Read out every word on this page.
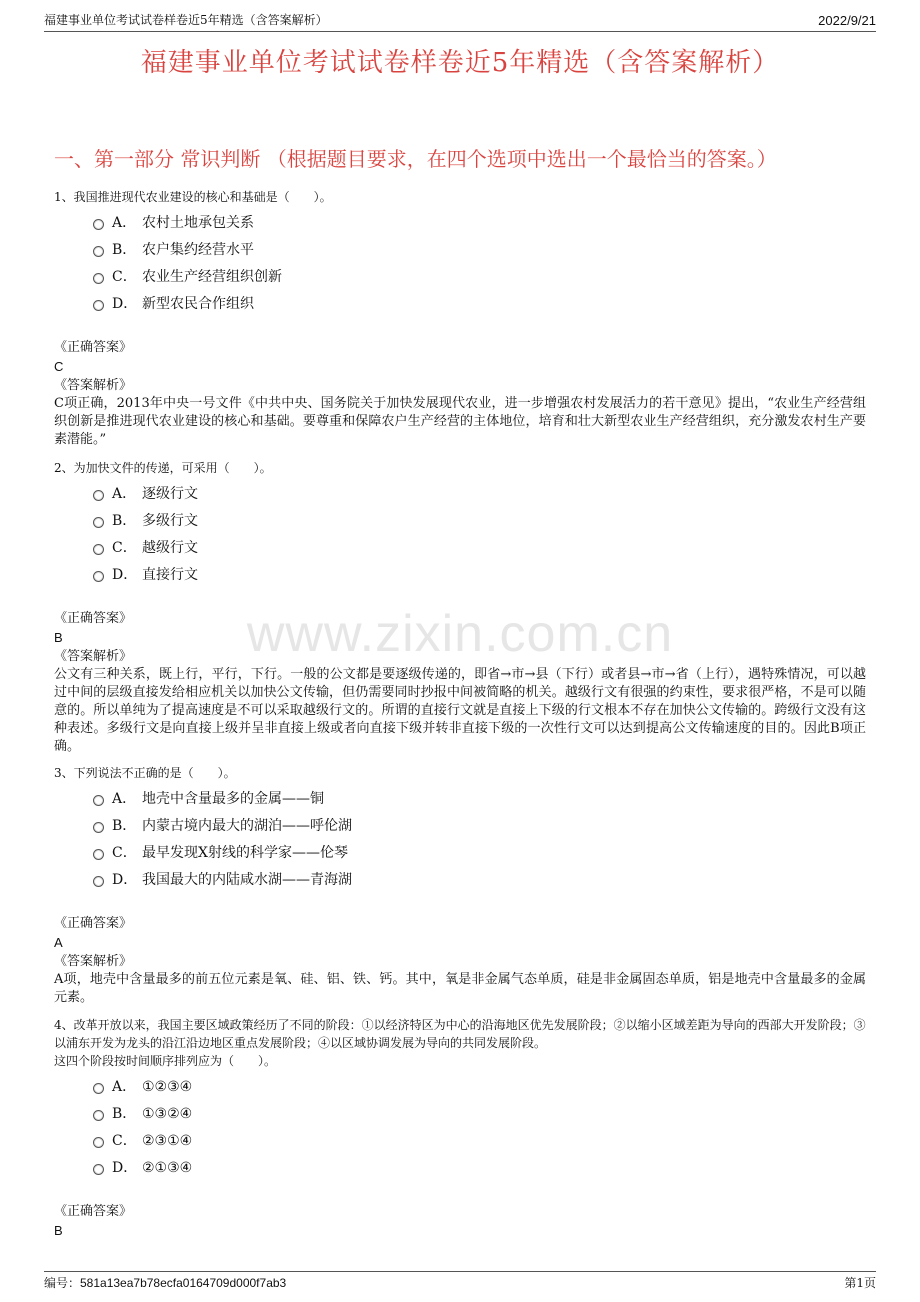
福建事业单位考试试卷样卷近5年精选（含答案解析）	2022/9/21
福建事业单位考试试卷样卷近5年精选（含答案解析）
一、第一部分 常识判断 （根据题目要求，在四个选项中选出一个最恰当的答案。）
www.zixin.com.cn
1、我国推进现代农业建设的核心和基础是（　　）。
A． 农村土地承包关系
B． 农户集约经营水平
C． 农业生产经营组织创新
D． 新型农民合作组织
《正确答案》
C
《答案解析》
C项正确，2013年中央一号文件《中共中央、国务院关于加快发展现代农业，进一步增强农村发展活力的若干意见》提出，“农业生产经营组织创新是推进现代农业建设的核心和基础。要尊重和保障农户生产经营的主体地位，培育和壮大新型农业生产经营组织，充分激发农村生产要素潜能。”
2、为加快文件的传递，可采用（　　）。
A． 逐级行文
B． 多级行文
C． 越级行文
D． 直接行文
《正确答案》
B
《答案解析》
公文有三种关系，既上行，平行，下行。一般的公文都是要逐级传递的，即省→市→县（下行）或者县→市→省（上行），遇特殊情况，可以越过中间的层级直接发给相应机关以加快公文传输，但仍需要同时抄报中间被简略的机关。越级行文有很强的约束性，要求很严格，不是可以随意的。所以单纯为了提高速度是不可以采取越级行文的。所谓的直接行文就是直接上下级的行文根本不存在加快公文传输的。跨级行文没有这种表述。多级行文是向直接上级并呈非直接上级或者向直接下级并转非直接下级的一次性行文可以达到提高公文传输速度的目的。因此B项正确。
3、下列说法不正确的是（　　）。
A． 地壳中含量最多的金属——铜
B． 内蒙古境内最大的湖泊——呼伦湖
C． 最早发现X射线的科学家——伦琴
D． 我国最大的内陆咸水湖——青海湖
《正确答案》
A
《答案解析》
A项，地壳中含量最多的前五位元素是氧、硅、铝、铁、钙。其中，氧是非金属气态单质，硅是非金属固态单质，铝是地壳中含量最多的金属元素。
4、改革开放以来，我国主要区域政策经历了不同的阶段：①以经济特区为中心的沿海地区优先发展阶段；②以缩小区域差距为导向的西部大开发阶段；③以浦东开发为龙头的沿江沿边地区重点发展阶段；④以区域协调发展为导向的共同发展阶段。
这四个阶段按时间顺序排列应为（　　）。
A． ①②③④
B． ①③②④
C． ②③①④
D． ②①③④
《正确答案》
B
编号：581a13ea7b78ecfa0164709d000f7ab3	第1页
